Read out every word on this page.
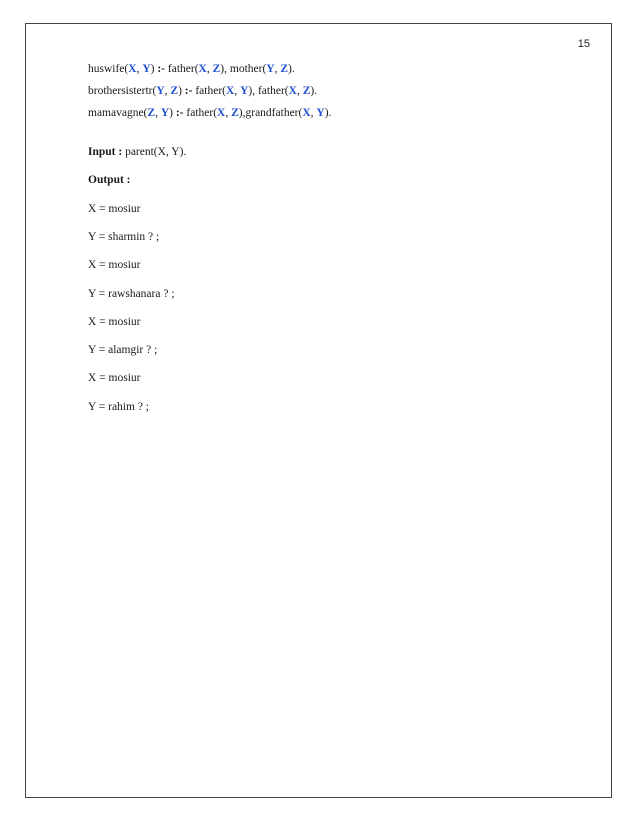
15
huswife(X, Y) :- father(X, Z), mother(Y, Z).
brothersistertr(Y, Z) :- father(X, Y), father(X, Z).
mamavagne(Z, Y) :- father(X, Z),grandfather(X, Y).
Input : parent(X, Y).
Output :
X = mosiur
Y = sharmin ? ;
X = mosiur
Y = rawshanara ? ;
X = mosiur
Y = alamgir ? ;
X = mosiur
Y = rahim ? ;
